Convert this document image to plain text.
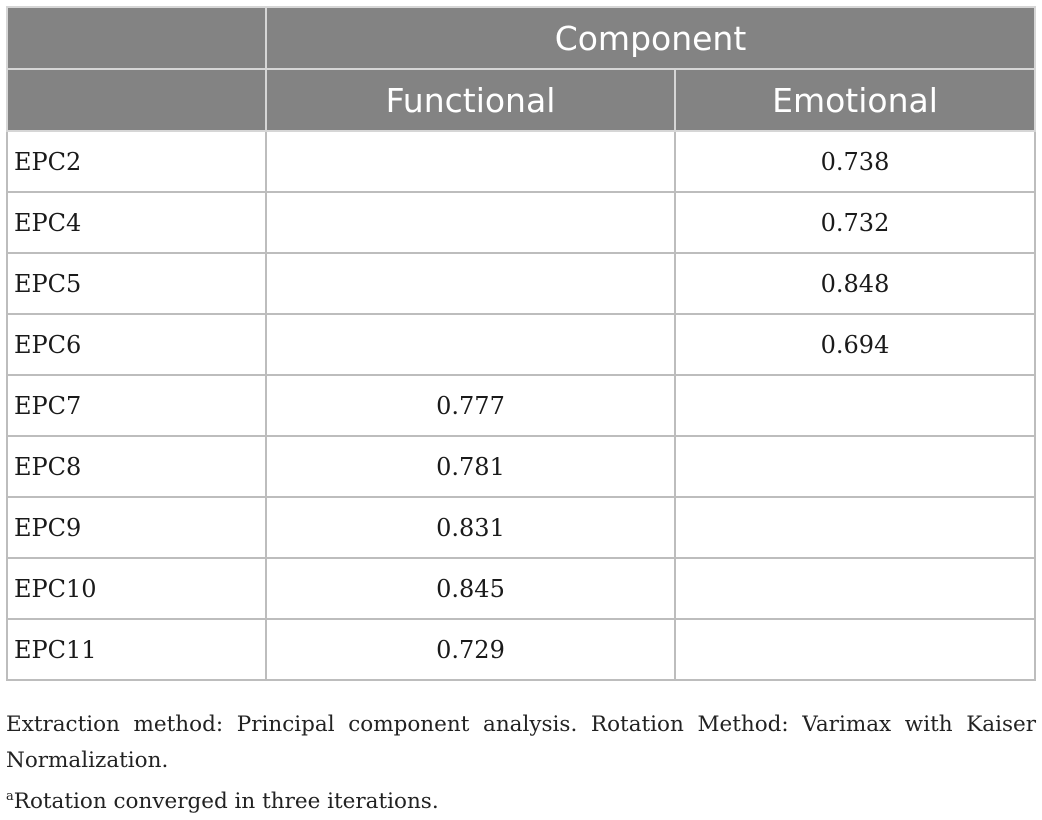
	Component	
	Functional	Emotional
EPC2		0.738
EPC4		0.732
EPC5		0.848
EPC6		0.694
EPC7	0.777	
EPC8	0.781	
EPC9	0.831	
EPC10	0.845	
EPC11	0.729	

Extraction method: Principal component analysis. Rotation Method: Varimax with Kaiser Normalization.

$^a$Rotation converged in three iterations.
